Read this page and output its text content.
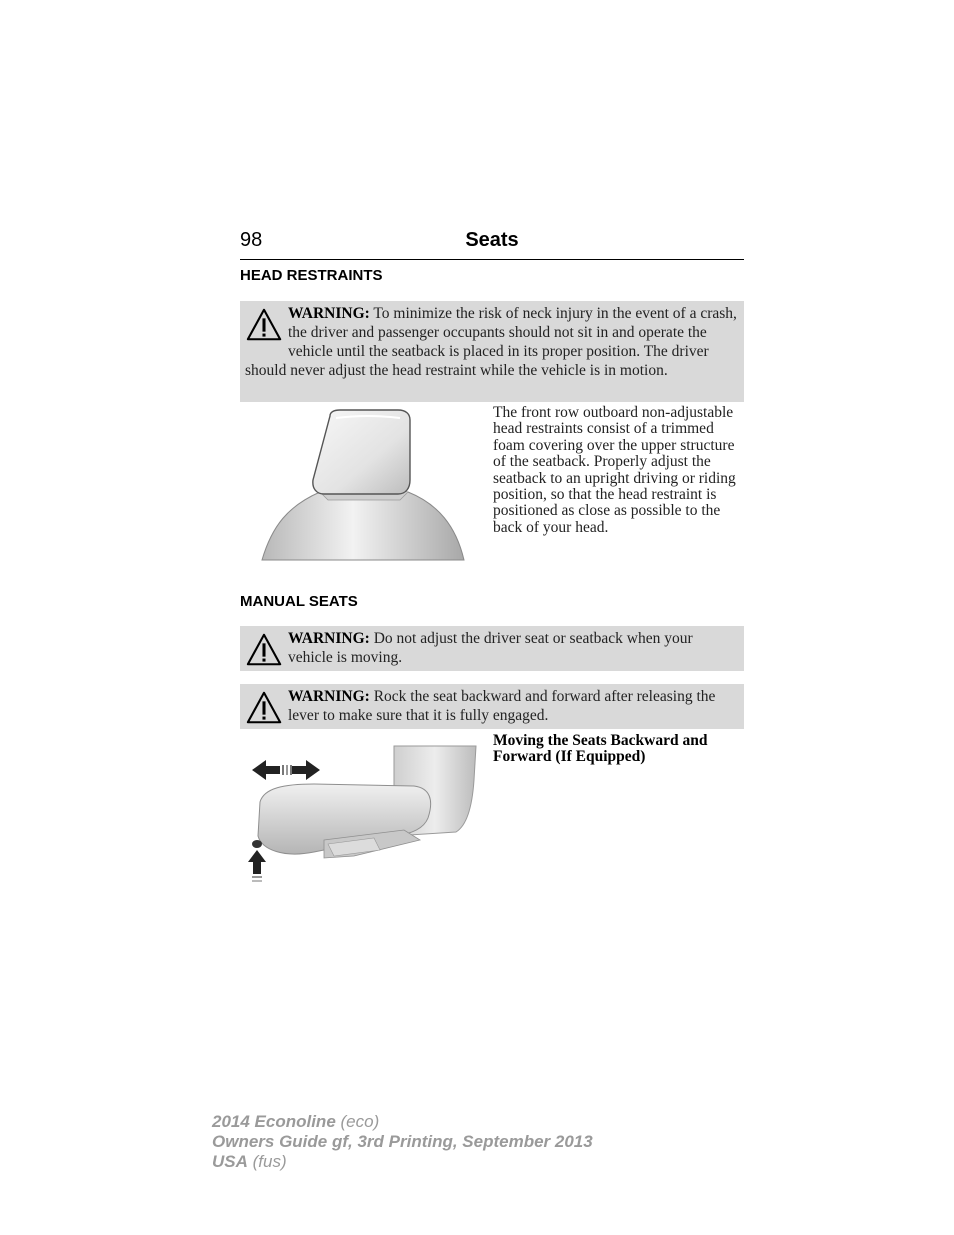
98	Seats
HEAD RESTRAINTS
WARNING: To minimize the risk of neck injury in the event of a crash, the driver and passenger occupants should not sit in and operate the vehicle until the seatback is placed in its proper position. The driver should never adjust the head restraint while the vehicle is in motion.
The front row outboard non-adjustable head restraints consist of a trimmed foam covering over the upper structure of the seatback. Properly adjust the seatback to an upright driving or riding position, so that the head restraint is positioned as close as possible to the back of your head.
MANUAL SEATS
WARNING: Do not adjust the driver seat or seatback when your vehicle is moving.
WARNING: Rock the seat backward and forward after releasing the lever to make sure that it is fully engaged.
Moving the Seats Backward and Forward (If Equipped)
2014 Econoline (eco)
Owners Guide gf, 3rd Printing, September 2013
USA (fus)
